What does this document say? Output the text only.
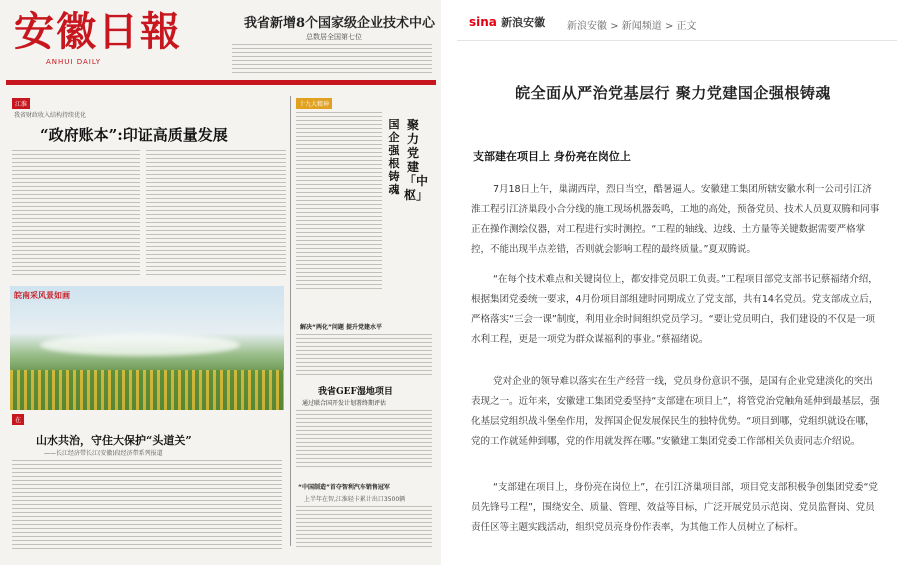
安徽日報
ANHUI DAILY
我省新增8个国家级企业技术中心
总数居全国第七位
江淮
我省财政收入结构持续优化
“政府账本”:印证高质量发展
十九大精神
国企强根铸魂
聚力党建「中枢」
皖南采风景如画
解决“两化”问题 提升党建水平
我省GEF湿地项目
通过联合国开发计划署终期评估
在
山水共治，守住大保护“头道关”
——长江经济带长江(安徽)段经济带系列报道
“中国制造”首夺智利汽车销售冠军
上半年在智,江淮轻卡累计出口3500辆
sina 新浪安徽 新浪安徽 > 新闻频道 > 正文
皖全面从严治党基层行 聚力党建国企强根铸魂
支部建在项目上 身份亮在岗位上

7月18日上午，巢湖西岸，烈日当空，酷暑逼人。安徽建工集团所辖安徽水利一公司引江济淮工程引江济巢段小合分线的施工现场机器轰鸣，工地的高处，预备党员、技术人员夏双腾和同事正在操作测绘仪器，对工程进行实时测控。“工程的轴线、边线、土方量等关键数据需要严格掌控，不能出现半点差错，否则就会影响工程的最终质量。”夏双腾说。

“在每个技术难点和关键岗位上，都安排党员职工负责。”工程项目部党支部书记蔡福绪介绍，根据集团党委统一要求，4月份项目部组建时同期成立了党支部，共有14名党员。党支部成立后，严格落实“三会一课”制度，利用业余时间组织党员学习。“要让党员明白，我们建设的不仅是一项水利工程，更是一项党为群众谋福利的事业。”蔡福绪说。

党对企业的领导难以落实在生产经营一线，党员身份意识不强，是国有企业党建淡化的突出表现之一。近年来，安徽建工集团党委坚持“支部建在项目上”，将管党治党触角延伸到最基层，强化基层党组织战斗堡垒作用，发挥国企促发展保民生的独特优势。“项目到哪，党组织就设在哪，党的工作就延伸到哪，党的作用就发挥在哪。”安徽建工集团党委工作部相关负责同志介绍说。

“支部建在项目上，身份亮在岗位上”，在引江济巢项目部，项目党支部积极争创集团党委“党员先锋号工程”，围绕安全、质量、管理、效益等目标，广泛开展党员示范岗、党员监督岗、党员责任区等主题实践活动，组织党员亮身份作表率，为其他工作人员树立了标杆。
